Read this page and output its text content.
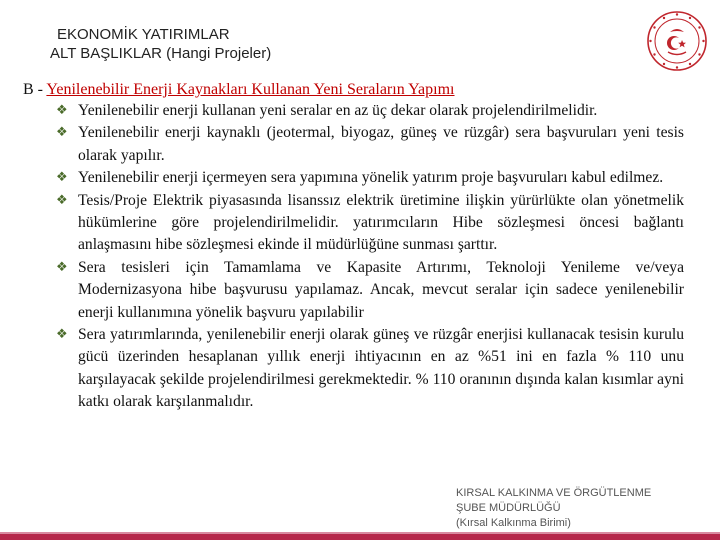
EKONOMİK YATIRIMLAR
ALT BAŞLIKLAR (Hangi Projeler)
B - Yenilenebilir Enerji Kaynakları Kullanan Yeni Seraların Yapımı
❖ Yenilenebilir enerji kullanan yeni seralar en az üç dekar olarak projelendirilmelidir.
❖ Yenilenebilir enerji kaynaklı (jeotermal, biyogaz, güneş ve rüzgâr) sera başvuruları yeni tesis olarak yapılır.
❖ Yenilenebilir enerji içermeyen sera yapımına yönelik yatırım proje başvuruları kabul edilmez.
❖ Tesis/Proje Elektrik piyasasında lisanssız elektrik üretimine ilişkin yürürlükte olan yönetmelik hükümlerine göre projelendirilmelidir. yatırımcıların Hibe sözleşmesi öncesi bağlantı anlaşmasını hibe sözleşmesi ekinde il müdürlüğüne sunması şarttır.
❖ Sera tesisleri için Tamamlama ve Kapasite Artırımı, Teknoloji Yenileme ve/veya Modernizasyona hibe başvurusu yapılamaz. Ancak, mevcut seralar için sadece yenilenebilir enerji kullanımına yönelik başvuru yapılabilir
❖ Sera yatırımlarında, yenilenebilir enerji olarak güneş ve rüzgâr enerjisi kullanacak tesisin kurulu gücü üzerinden hesaplanan yıllık enerji ihtiyacının en az %51 ini en fazla % 110 unu karşılayacak şekilde projelendirilmesi gerekmektedir. % 110 oranının dışında kalan kısımlar ayni katkı olarak karşılanmalıdır.
KIRSAL KALKINMA VE ÖRGÜTLENME
ŞUBE MÜDÜRLÜĞÜ
(Kırsal Kalkınma Birimi)
